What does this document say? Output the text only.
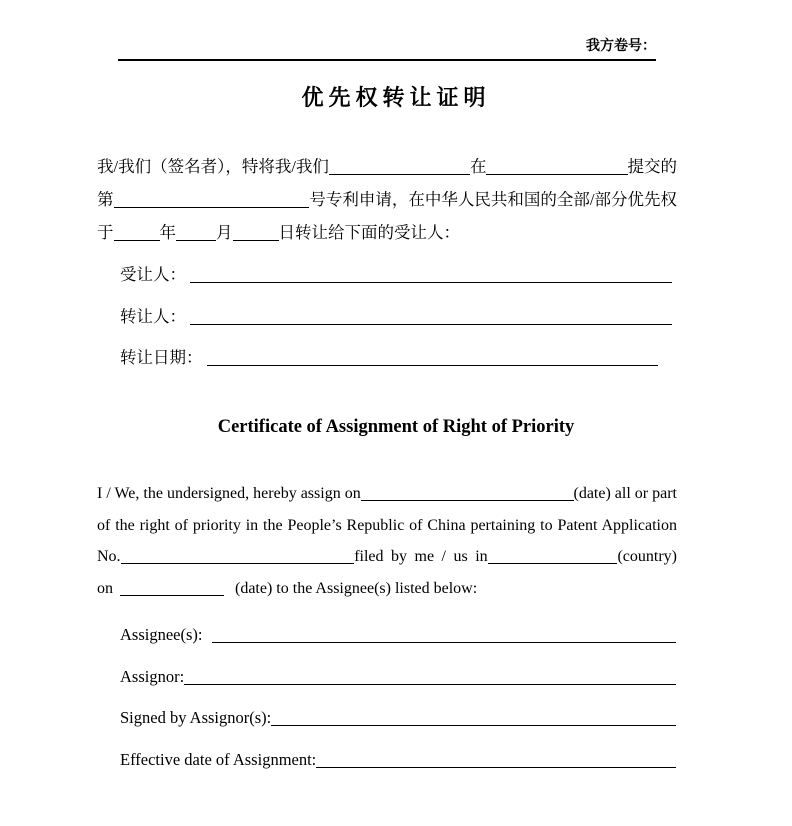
我方卷号：
优先权转让证明
我/我们（签名者），特将我/我们	在	提交的
第	号专利申请，在中华人民共和国的全部/部分优先权
于	年 月	日转让给下面的受让人：
受让人：
转让人：
转让日期：
Certificate of Assignment of Right of Priority
I / We, the undersigned, hereby assign on	(date) all or part
of the right of priority in the People’s Republic of China pertaining to Patent Application
No.	filed by me / us in	(country)
on	(date) to the Assignee(s) listed below:
Assignee(s):
Assignor:
Signed by Assignor(s):
Effective date of Assignment:
